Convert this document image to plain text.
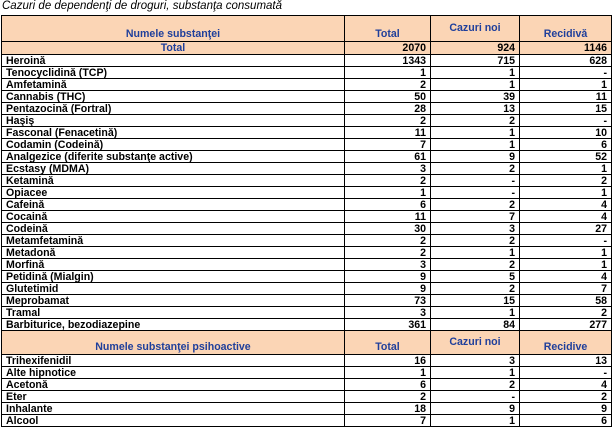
Cazuri de dependenţi de droguri, substanţa consumată
Numele substanţei	Total	Cazuri noi	Recidivă
Total	2070	924	1146
Heroină	1343	715	628
Tenocyclidină (TCP)	1	1	-
Amfetamină	2	1	1
Cannabis (THC)	50	39	11
Pentazocină (Fortral)	28	13	15
Haşiş	2	2	-
Fasconal (Fenacetină)	11	1	10
Codamin (Codeină)	7	1	6
Analgezice (diferite substanţe active)	61	9	52
Ecstasy (MDMA)	3	2	1
Ketamină	2	-	2
Opiacee	1	-	1
Cafeină	6	2	4
Cocaină	11	7	4
Codeină	30	3	27
Metamfetamină	2	2	-
Metadonă	2	1	1
Morfină	3	2	1
Petidină (Mialgin)	9	5	4
Glutetimid	9	2	7
Meprobamat	73	15	58
Tramal	3	1	2
Barbiturice, bezodiazepine	361	84	277
Numele substanţei psihoactive	Total	Cazuri noi	Recidive
Trihexifenidil	16	3	13
Alte hipnotice	1	1	-
Acetonă	6	2	4
Eter	2	-	2
Inhalante	18	9	9
Alcool	7	1	6
